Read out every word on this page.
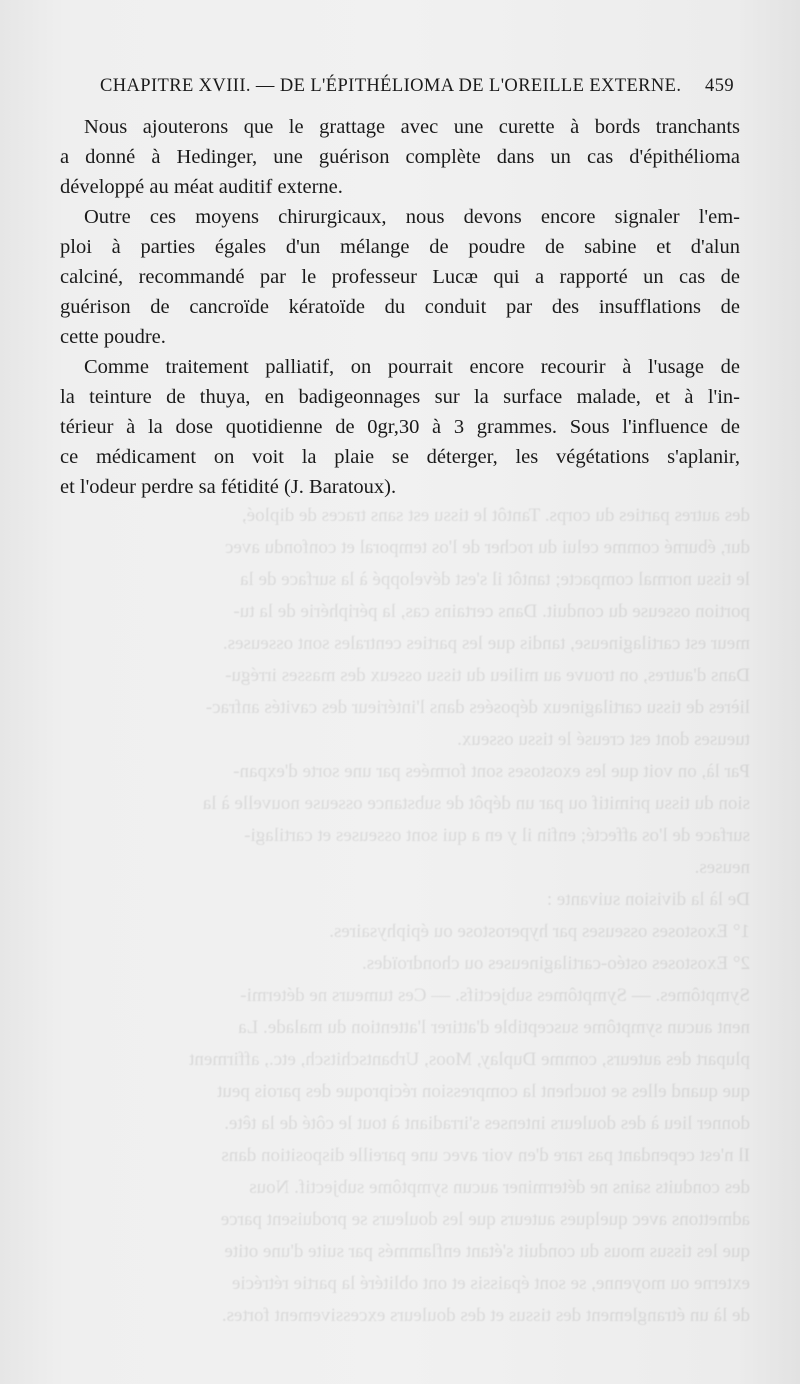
des autres parties du corps. Tantôt le tissu est sans traces de diploé,
dur, éburné comme celui du rocher de l'os temporal et confondu avec
le tissu normal compacte; tantôt il s'est développé à la surface de la
portion osseuse du conduit. Dans certains cas, la périphérie de la tu-
meur est cartilagineuse, tandis que les parties centrales sont osseuses.
Dans d'autres, on trouve au milieu du tissu osseux des masses irrégu-
lières de tissu cartilagineux déposées dans l'intérieur des cavités anfrac-
tueuses dont est creusé le tissu osseux.
Par là, on voit que les exostoses sont formées par une sorte d'expan-
sion du tissu primitif ou par un dépôt de substance osseuse nouvelle à la
surface de l'os affecté; enfin il y en a qui sont osseuses et cartilagi-
neuses.
De là la division suivante :
1° Exostoses osseuses par hyperostose ou épiphysaires.
2° Exostoses ostéo-cartilagineuses ou chondroïdes.
Symptômes. — Symptômes subjectifs. — Ces tumeurs ne détermi-
nent aucun symptôme susceptible d'attirer l'attention du malade. La
plupart des auteurs, comme Duplay, Moos, Urbantschitsch, etc., affirment
que quand elles se touchent la compression réciproque des parois peut
donner lieu à des douleurs intenses s'irradiant à tout le côté de la tête.
Il n'est cependant pas rare d'en voir avec une pareille disposition dans
des conduits sains ne déterminer aucun symptôme subjectif. Nous
admettons avec quelques auteurs que les douleurs se produisent parce
que les tissus mous du conduit s'étant enflammés par suite d'une otite
externe ou moyenne, se sont épaissis et ont oblitéré la partie rétrécie
de là un étranglement des tissus et des douleurs excessivement fortes.
CHAPITRE XVIII. — DE L'ÉPITHÉLIOMA DE L'OREILLE EXTERNE. 459
Nous ajouterons que le grattage avec une curette à bords tranchants
a donné à Hedinger, une guérison complète dans un cas d'épithélioma
développé au méat auditif externe.
Outre ces moyens chirurgicaux, nous devons encore signaler l'em-
ploi à parties égales d'un mélange de poudre de sabine et d'alun
calciné, recommandé par le professeur Lucæ qui a rapporté un cas de
guérison de cancroïde kératoïde du conduit par des insufflations de
cette poudre.
Comme traitement palliatif, on pourrait encore recourir à l'usage de
la teinture de thuya, en badigeonnages sur la surface malade, et à l'in-
térieur à la dose quotidienne de 0gr,30 à 3 grammes. Sous l'influence de
ce médicament on voit la plaie se déterger, les végétations s'aplanir,
et l'odeur perdre sa fétidité (J. Baratoux).
